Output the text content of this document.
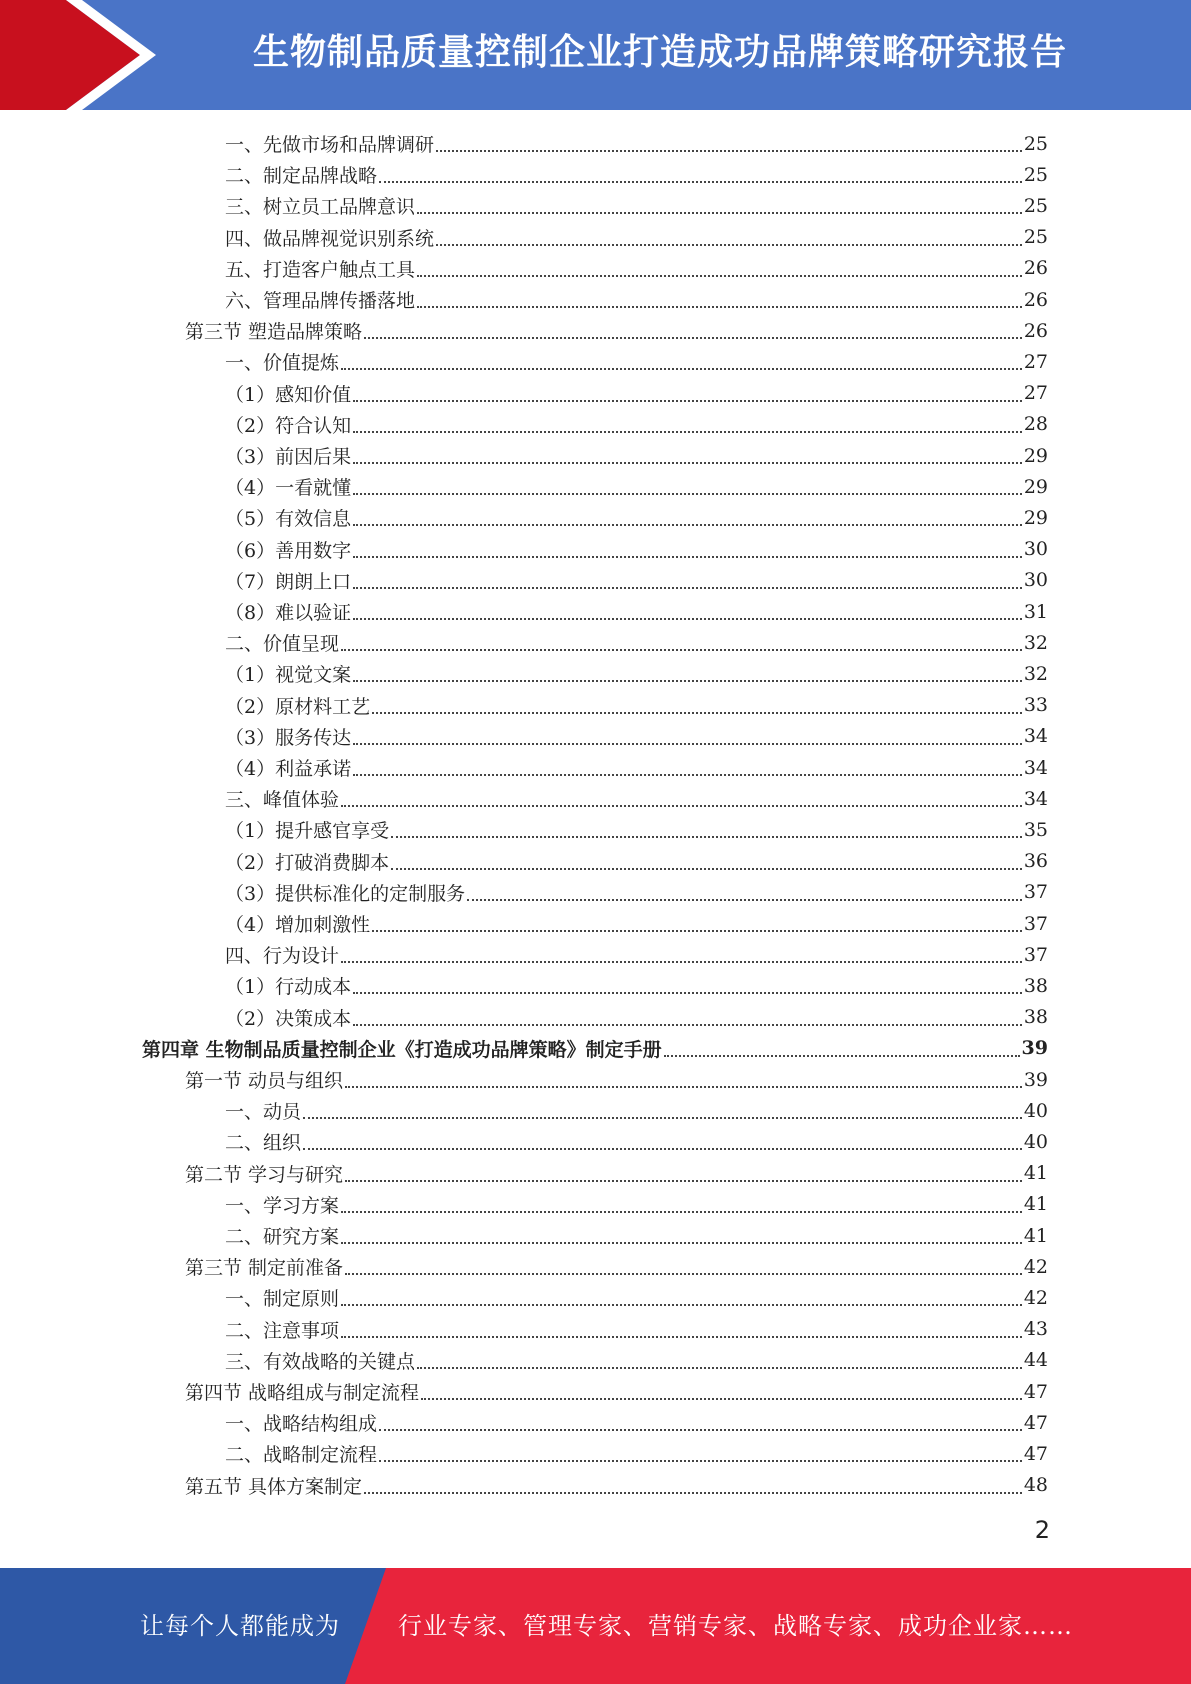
生物制品质量控制企业打造成功品牌策略研究报告
一、先做市场和品牌调研	25
二、制定品牌战略	25
三、树立员工品牌意识	25
四、做品牌视觉识别系统	25
五、打造客户触点工具	26
六、管理品牌传播落地	26
第三节 塑造品牌策略	26
一、价值提炼	27
（1）感知价值	27
（2）符合认知	28
（3）前因后果	29
（4）一看就懂	29
（5）有效信息	29
（6）善用数字	30
（7）朗朗上口	30
（8）难以验证	31
二、价值呈现	32
（1）视觉文案	32
（2）原材料工艺	33
（3）服务传达	34
（4）利益承诺	34
三、峰值体验	34
（1）提升感官享受	35
（2）打破消费脚本	36
（3）提供标准化的定制服务	37
（4）增加刺激性	37
四、行为设计	37
（1）行动成本	38
（2）决策成本	38
第四章 生物制品质量控制企业《打造成功品牌策略》制定手册	39
第一节 动员与组织	39
一、动员	40
二、组织	40
第二节 学习与研究	41
一、学习方案	41
二、研究方案	41
第三节 制定前准备	42
一、制定原则	42
二、注意事项	43
三、有效战略的关键点	44
第四节 战略组成与制定流程	47
一、战略结构组成	47
二、战略制定流程	47
第五节 具体方案制定	48
2
让每个人都能成为 行业专家、管理专家、营销专家、战略专家、成功企业家……
